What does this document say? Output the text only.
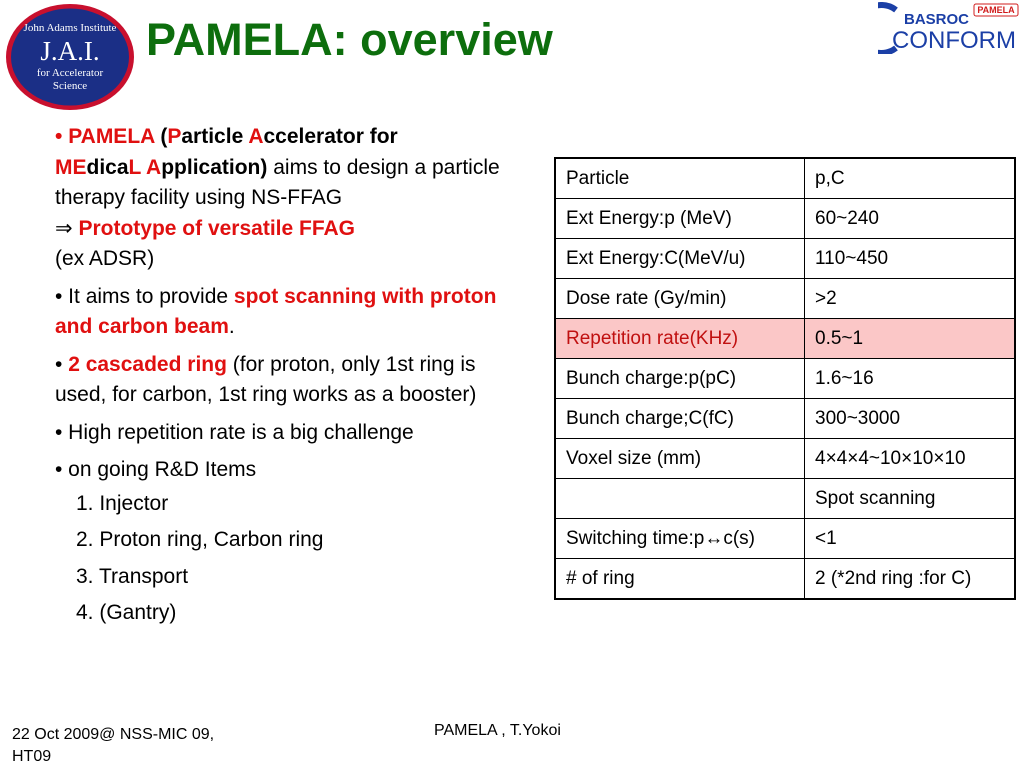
John Adams Institute
J.A.I.
for Accelerator
Science
PAMELA: overview
PAMELA
BASROC
CONFORM

• PAMELA (Particle Accelerator for
MEdicaL Application) aims to design a particle therapy facility using NS-FFAG
⇒ Prototype of versatile FFAG
(ex ADSR)

• It aims to provide spot scanning with proton and carbon beam.

• 2 cascaded ring (for proton, only 1st ring is used, for carbon, 1st ring works as a booster)

• High repetition rate is a big challenge

• on going R&D Items

1. Injector

2. Proton ring, Carbon ring

3. Transport

4. (Gantry)

Particle	p,C
Ext Energy:p (MeV)	60~240
Ext Energy:C(MeV/u)	110~450
Dose rate (Gy/min)	>2
Repetition rate(KHz)	0.5~1
Bunch charge:p(pC)	1.6~16
Bunch charge;C(fC)	300~3000
Voxel size (mm)	4×4×4~10×10×10
	Spot scanning
Switching time:p↔c(s)	<1
# of ring	2 (*2nd ring :for C)
22 Oct 2009@ NSS-MIC 09, HT09
PAMELA , T.Yokoi
